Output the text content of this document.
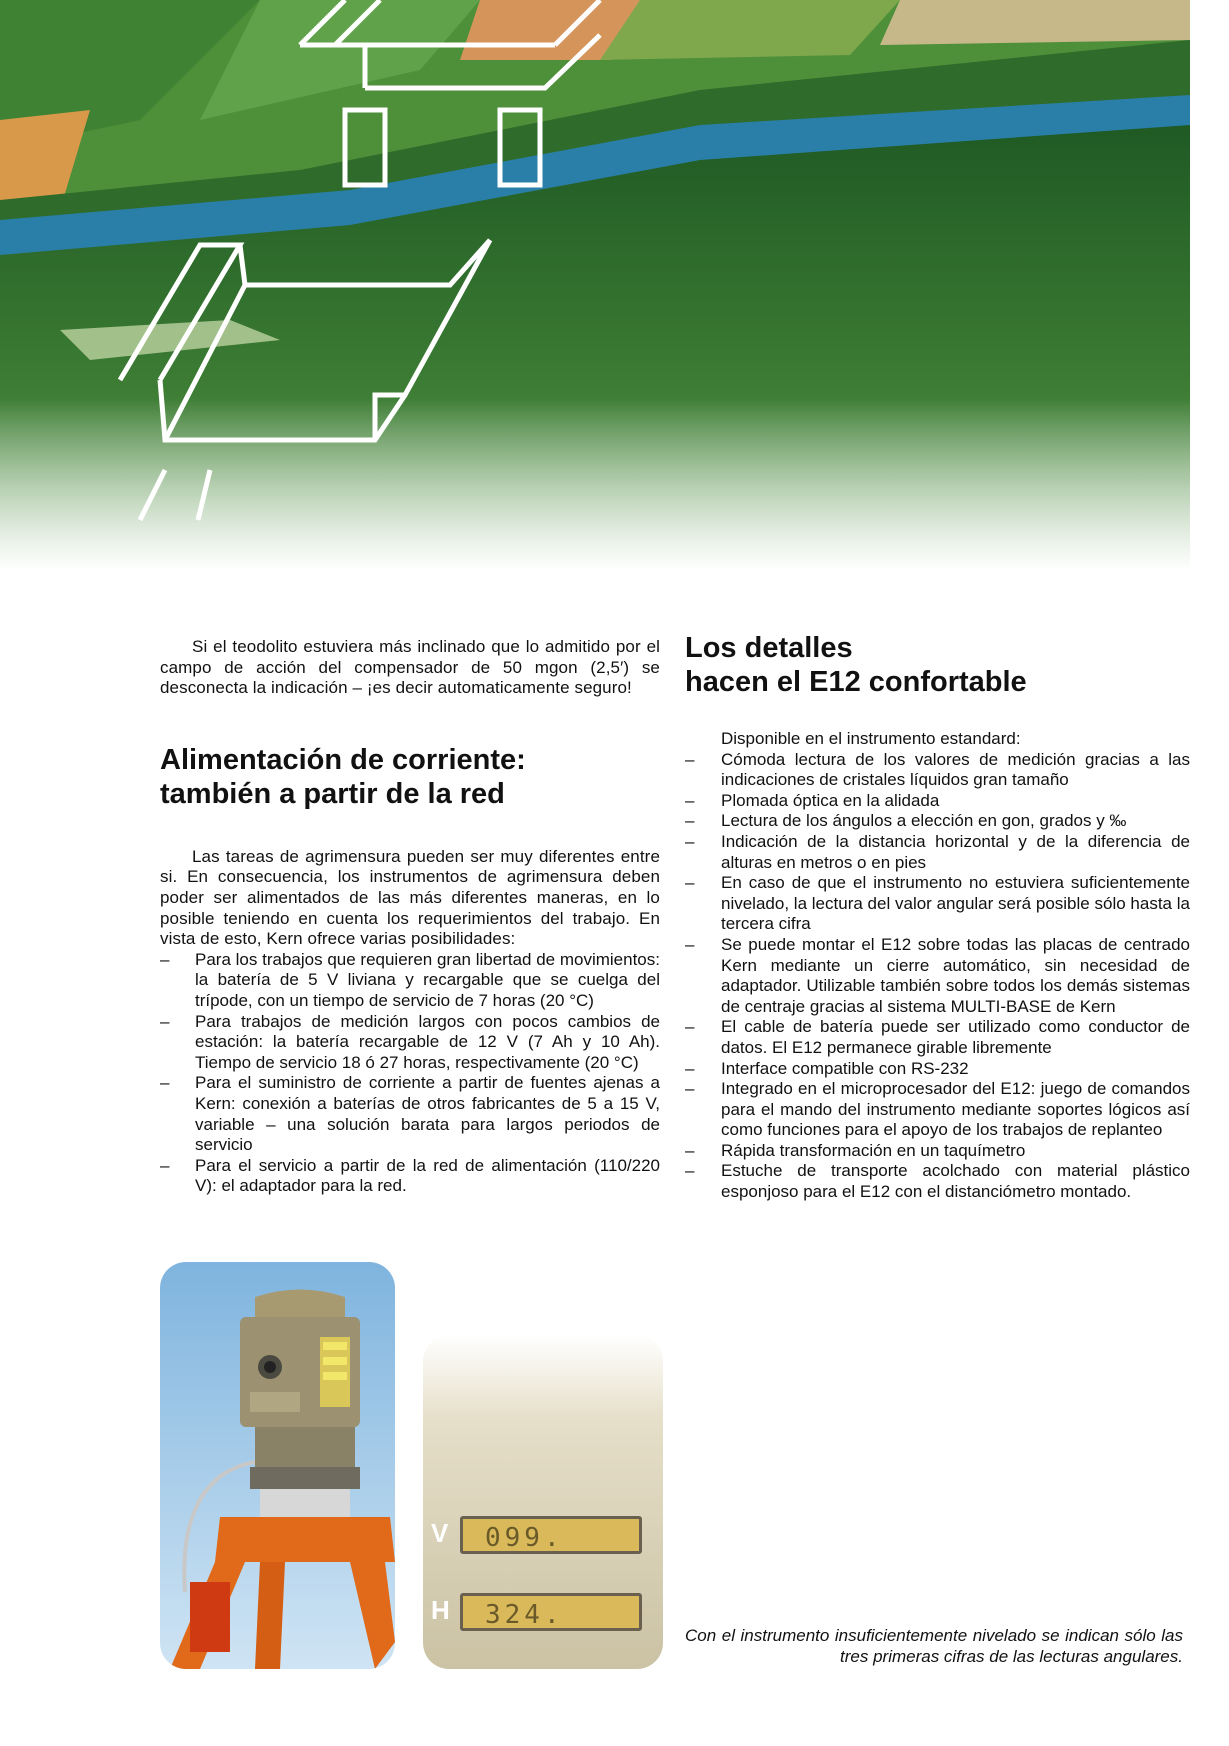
Si el teodolito estuviera más inclinado que lo admitido por el campo de acción del compensador de 50 mgon (2,5′) se desconecta la indicación – ¡es decir automaticamente seguro!

Alimentación de corriente:
también a partir de la red

Las tareas de agrimensura pueden ser muy diferentes entre si. En consecuencia, los instrumentos de agrimensura deben poder ser alimentados de las más diferentes maneras, en lo posible teniendo en cuenta los requerimientos del trabajo. En vista de esto, Kern ofrece varias posibilidades:

– Para los trabajos que requieren gran libertad de movimientos: la batería de 5 V liviana y recargable que se cuelga del trípode, con un tiempo de servicio de 7 horas (20 °C)
– Para trabajos de medición largos con pocos cambios de estación: la batería recargable de 12 V (7 Ah y 10 Ah). Tiempo de servicio 18 ó 27 horas, respectivamente (20 °C)
– Para el suministro de corriente a partir de fuentes ajenas a Kern: conexión a baterías de otros fabricantes de 5 a 15 V, variable – una solución barata para largos periodos de servicio
– Para el servicio a partir de la red de alimentación (110/220 V): el adaptador para la red.
Los detalles
hacen el E12 confortable
Disponible en el instrumento estandard:
– Cómoda lectura de los valores de medición gracias a las indicaciones de cristales líquidos gran tamaño
– Plomada óptica en la alidada
– Lectura de los ángulos a elección en gon, grados y ‰
– Indicación de la distancia horizontal y de la diferencia de alturas en metros o en pies
– En caso de que el instrumento no estuviera suficientemente nivelado, la lectura del valor angular será posible sólo hasta la tercera cifra
– Se puede montar el E12 sobre todas las placas de centrado Kern mediante un cierre automático, sin necesidad de adaptador. Utilizable también sobre todos los demás sistemas de centraje gracias al sistema MULTI-BASE de Kern
– El cable de batería puede ser utilizado como conductor de datos. El E12 permanece girable libremente
– Interface compatible con RS-232
– Integrado en el microprocesador del E12: juego de comandos para el mando del instrumento mediante soportes lógicos así como funciones para el apoyo de los trabajos de replanteo
– Rápida transformación en un taquímetro
– Estuche de transporte acolchado con material plástico esponjoso para el E12 con el distanciómetro montado.
V	099.
H	324.
Con el instrumento insuficientemente nivelado se indican sólo las tres primeras cifras de las lecturas angulares.
